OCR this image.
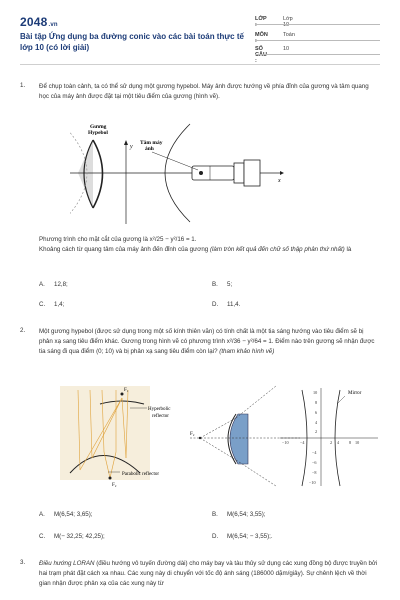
2048.vn
Bài tập Ứng dụng ba đường conic vào các bài toán thực tế lớp 10 (có lời giải)
LỚP :
Lớp 10
MÔN :
Toán
SỐ CÂU :
10
1. Để chụp toàn cảnh, ta có thể sử dụng một gương hypebol. Máy ảnh được hướng về phía đỉnh của gương và tâm quang học của máy ảnh được đặt tại một tiêu điểm của gương (hình vẽ).
y
x
Gương
Hypebol
Tâm máy
ảnh
Phương trình cho mặt cắt của gương là x²/25 − y²/16 = 1.
Khoảng cách từ quang tâm của máy ảnh đến đỉnh của gương (làm tròn kết quả đến chữ số thập phân thứ nhất) là
A. 12,8;	B. 5;
C. 1,4;	D. 11,4.
2. Một gương hypebol (được sử dụng trong một số kính thiên văn) có tính chất là một tia sáng hướng vào tiêu điểm sẽ bị phản xạ sang tiêu điểm khác. Gương trong hình vẽ có phương trình x²/36 − y²/64 = 1. Điểm nào trên gương sẽ nhận được tia sáng đi qua điểm (0; 10) và bị phản xạ sang tiêu điểm còn lại? (tham khảo hình vẽ)
F₁
F₂
Hyperbolic
reflector
Parabolic reflector
F₂
−10	−4	2 4 8 10
10
8
6
4
2
−4
−6
−8
−10
Mirror
A. M(6,54; 3,65);	B. M(6,54; 3,55);
C. M(− 32,25; 42,25);	D. M(6,54; − 3,55);.
3. Điều hướng LORAN (điều hướng vô tuyến đường dài) cho máy bay và tàu thủy sử dụng các xung đồng bộ được truyền bởi hai trạm phát đặt cách xa nhau. Các xung này di chuyển với tốc độ ánh sáng (186000 dặm/giây). Sự chênh lệch về thời gian nhận được phản xạ của các xung này từ
